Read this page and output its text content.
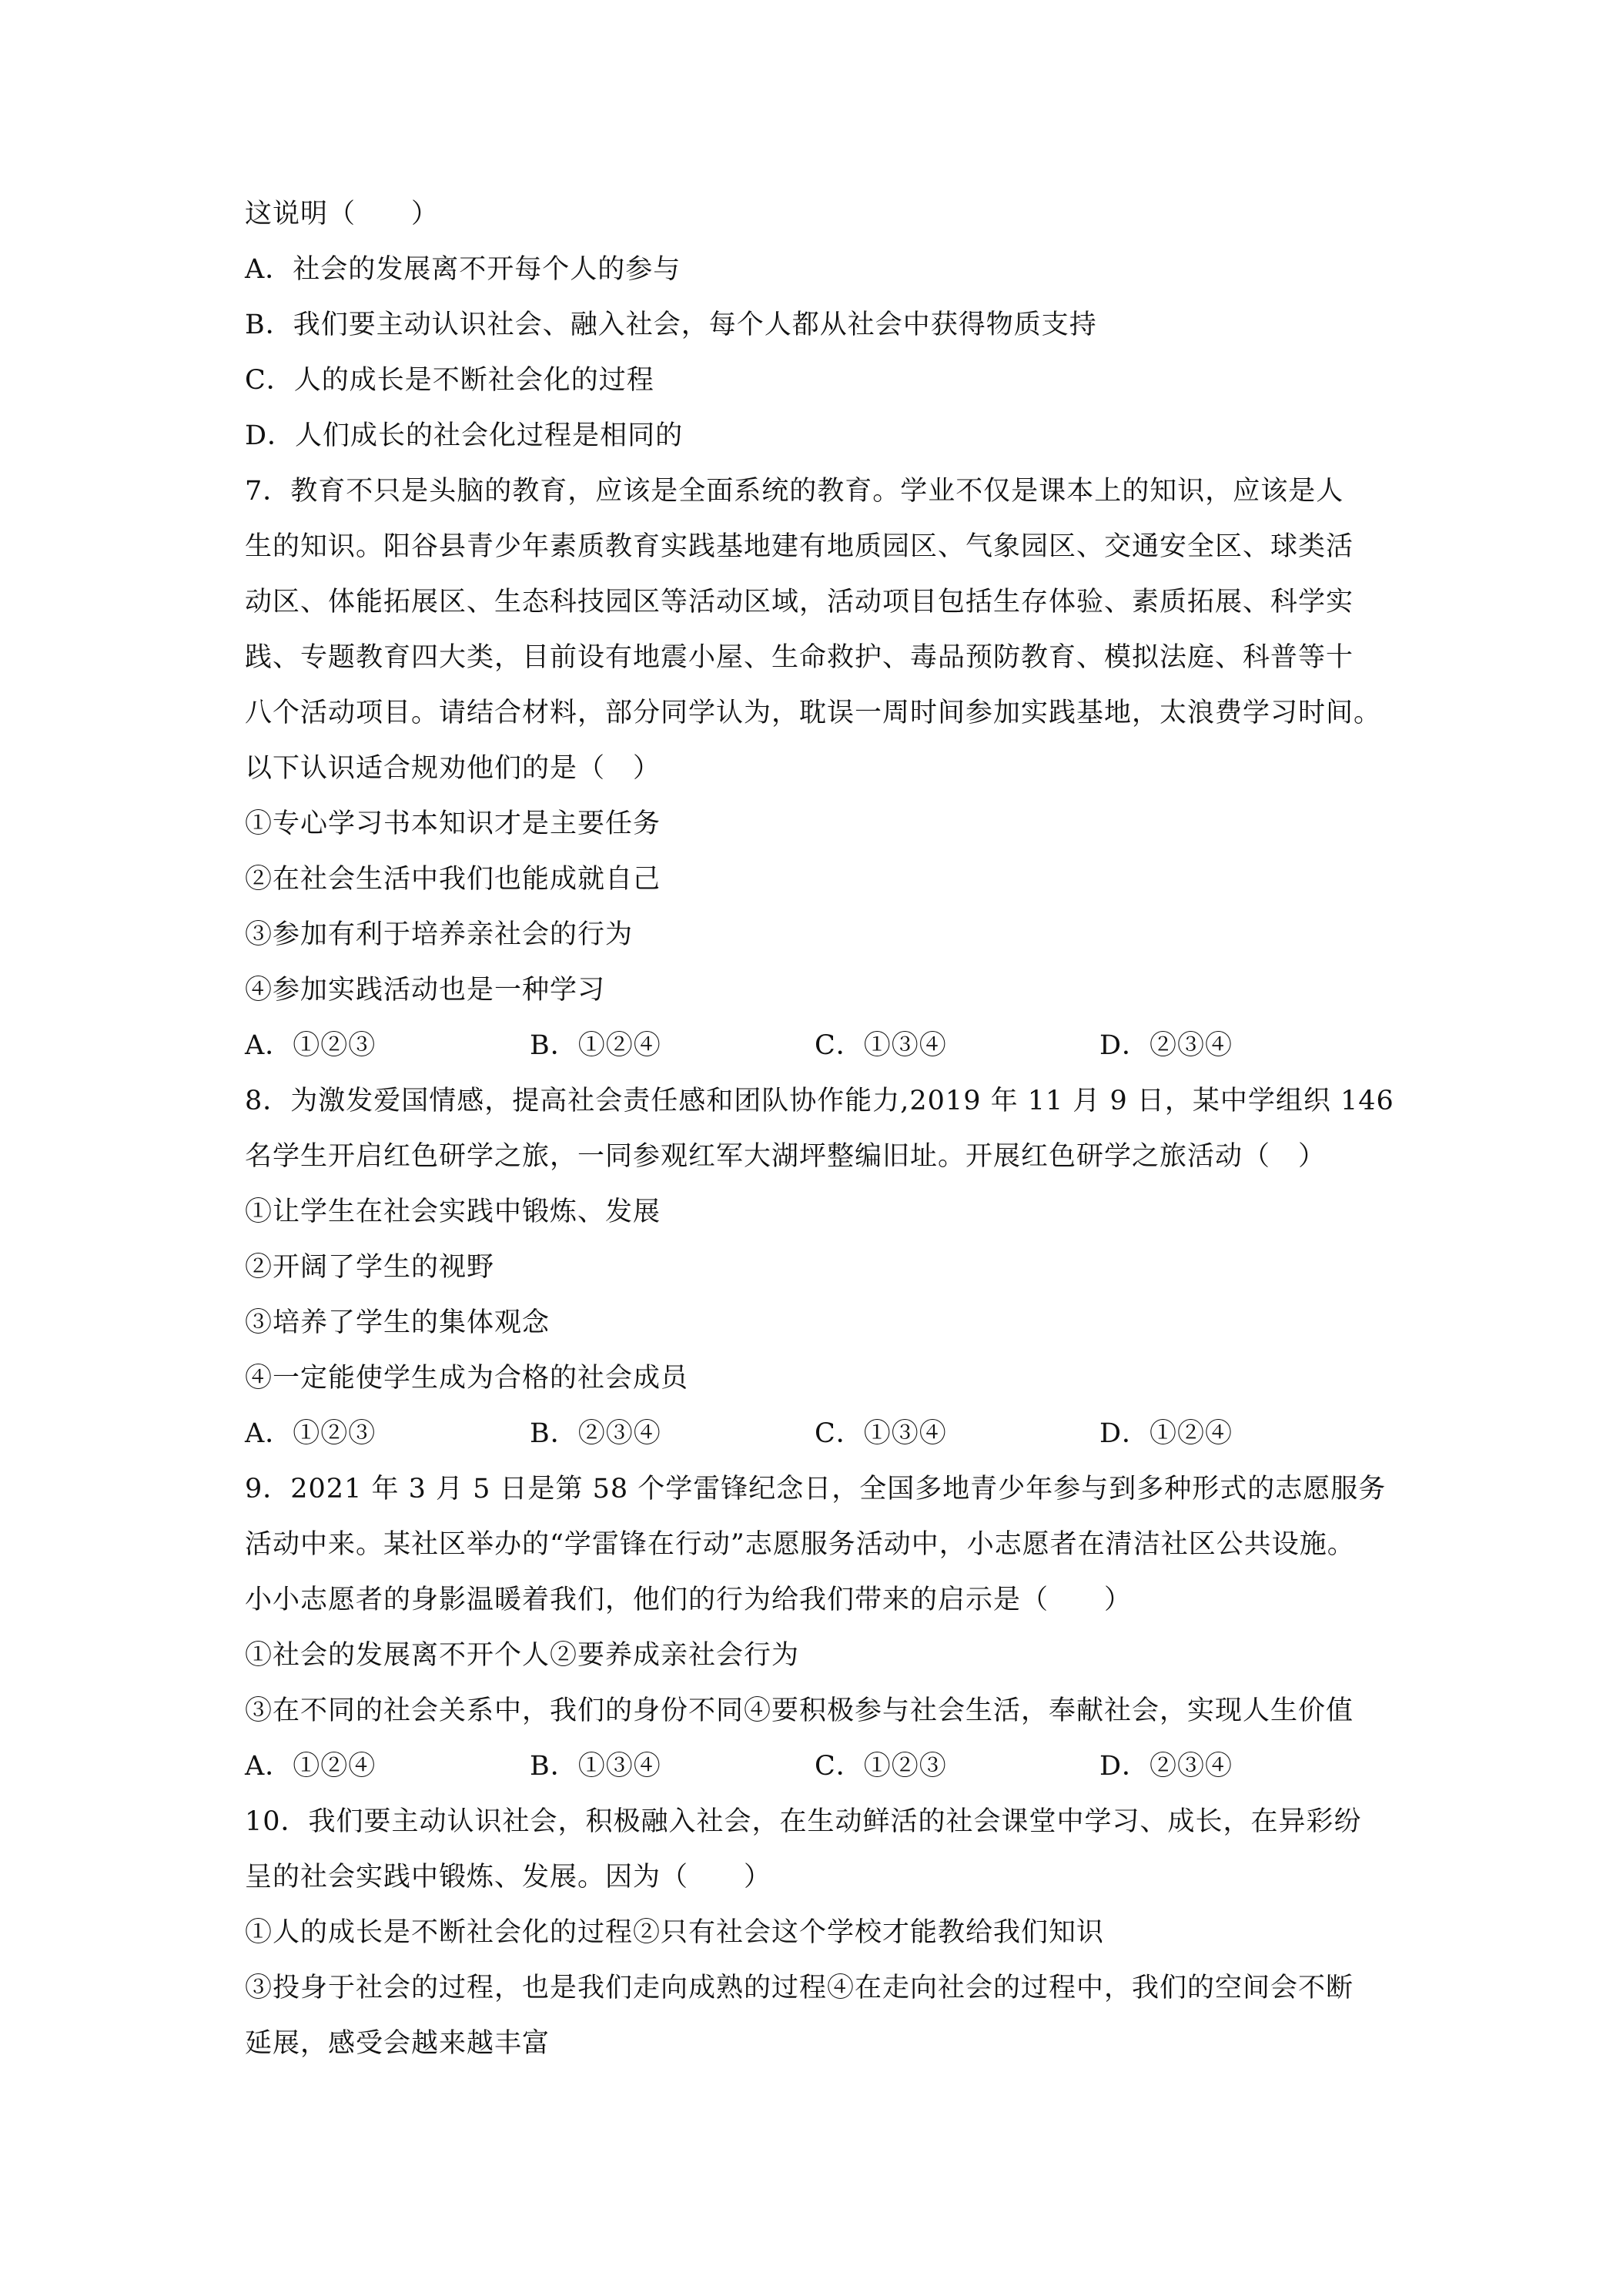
这说明（　　）
A．社会的发展离不开每个人的参与
B．我们要主动认识社会、融入社会，每个人都从社会中获得物质支持
C．人的成长是不断社会化的过程
D．人们成长的社会化过程是相同的
7．教育不只是头脑的教育，应该是全面系统的教育。学业不仅是课本上的知识，应该是人
生的知识。阳谷县青少年素质教育实践基地建有地质园区、气象园区、交通安全区、球类活
动区、体能拓展区、生态科技园区等活动区域，活动项目包括生存体验、素质拓展、科学实
践、专题教育四大类，目前设有地震小屋、生命救护、毒品预防教育、模拟法庭、科普等十
八个活动项目。请结合材料，部分同学认为，耽误一周时间参加实践基地，太浪费学习时间。
以下认识适合规劝他们的是（　）
①专心学习书本知识才是主要任务
②在社会生活中我们也能成就自己
③参加有利于培养亲社会的行为
④参加实践活动也是一种学习
A．①②③	B．①②④	C．①③④	D．②③④
8．为激发爱国情感，提高社会责任感和团队协作能力,2019 年 11 月 9 日，某中学组织 146
名学生开启红色研学之旅，一同参观红军大湖坪整编旧址。开展红色研学之旅活动（　）
①让学生在社会实践中锻炼、发展
②开阔了学生的视野
③培养了学生的集体观念
④一定能使学生成为合格的社会成员
A．①②③	B．②③④	C．①③④	D．①②④
9．2021 年 3 月 5 日是第 58 个学雷锋纪念日，全国多地青少年参与到多种形式的志愿服务
活动中来。某社区举办的“学雷锋在行动”志愿服务活动中，小志愿者在清洁社区公共设施。
小小志愿者的身影温暖着我们，他们的行为给我们带来的启示是（　　）
①社会的发展离不开个人②要养成亲社会行为
③在不同的社会关系中，我们的身份不同④要积极参与社会生活，奉献社会，实现人生价值
A．①②④	B．①③④	C．①②③	D．②③④
10．我们要主动认识社会，积极融入社会，在生动鲜活的社会课堂中学习、成长，在异彩纷
呈的社会实践中锻炼、发展。因为（　　）
①人的成长是不断社会化的过程②只有社会这个学校才能教给我们知识
③投身于社会的过程，也是我们走向成熟的过程④在走向社会的过程中，我们的空间会不断
延展，感受会越来越丰富
